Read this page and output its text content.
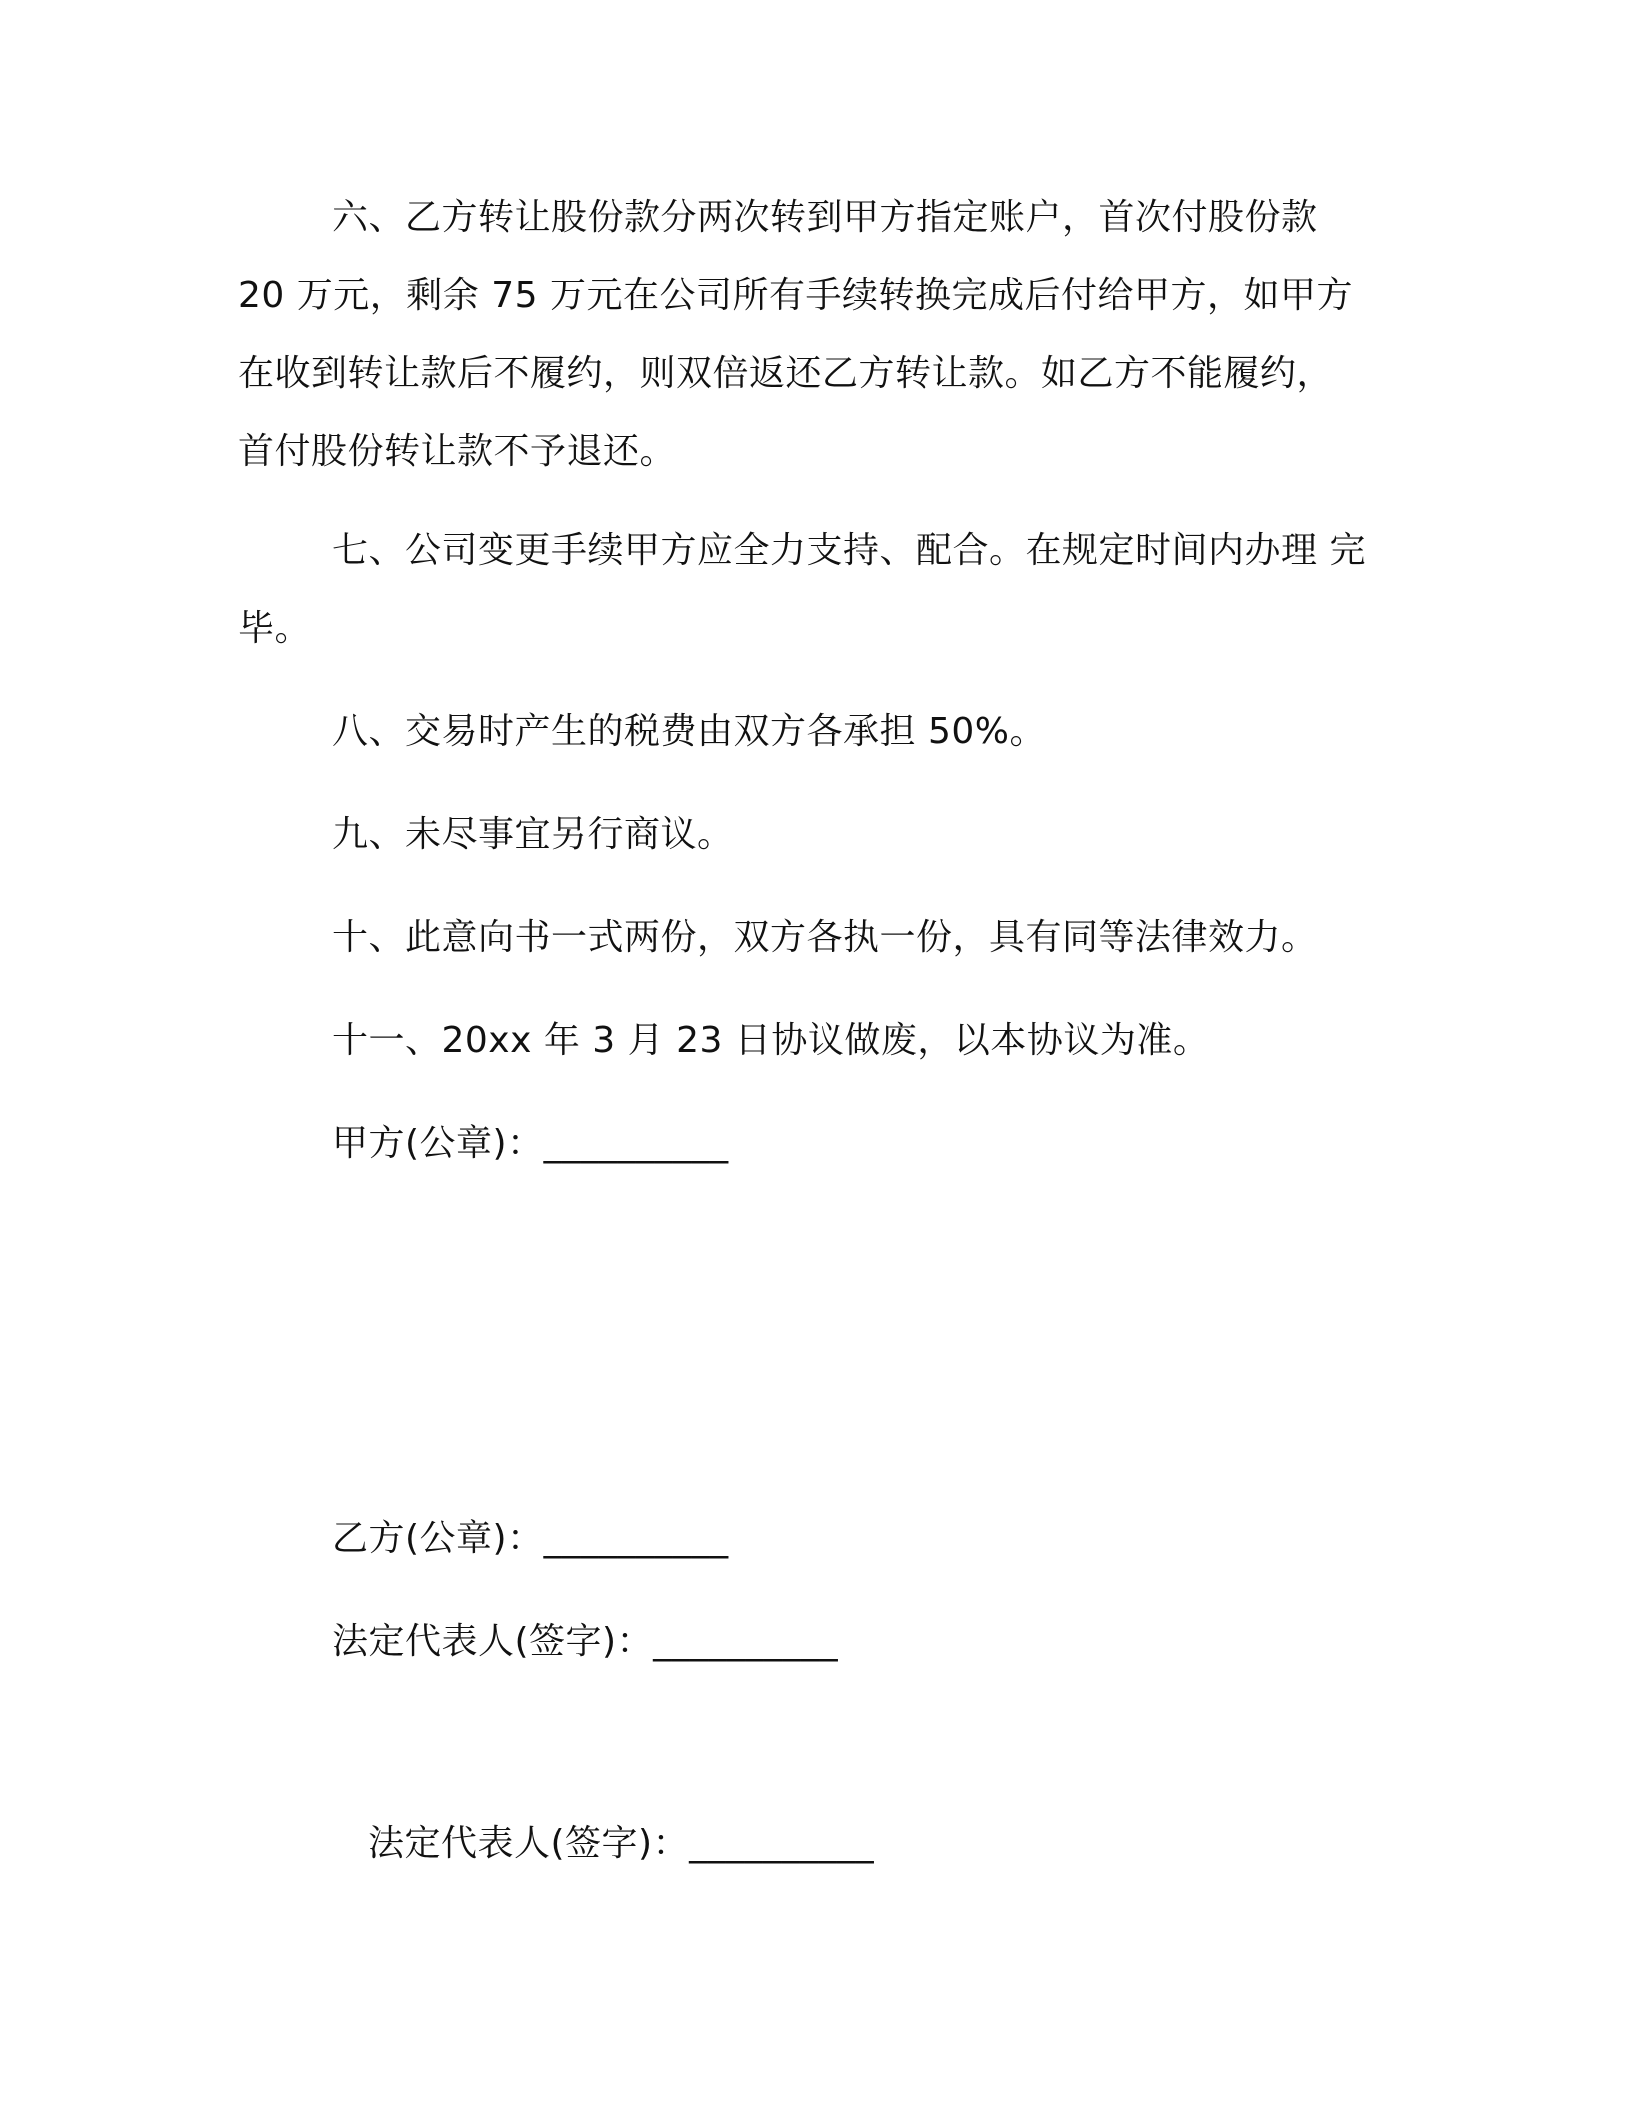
六、乙方转让股份款分两次转到甲方指定账户，首次付股份款
20 万元，剩余 75 万元在公司所有手续转换完成后付给甲方，如甲方
在收到转让款后不履约，则双倍返还乙方转让款。如乙方不能履约，
首付股份转让款不予退还。
七、公司变更手续甲方应全力支持、配合。在规定时间内办理 完
毕。
八、交易时产生的税费由双方各承担 50%。
九、未尽事宜另行商议。
十、此意向书一式两份，双方各执一份，具有同等法律效力。
十一、20xx 年 3 月 23 日协议做废，以本协议为准。
甲方(公章)：__________
乙方(公章)：__________
法定代表人(签字)：__________
法定代表人(签字)：__________
